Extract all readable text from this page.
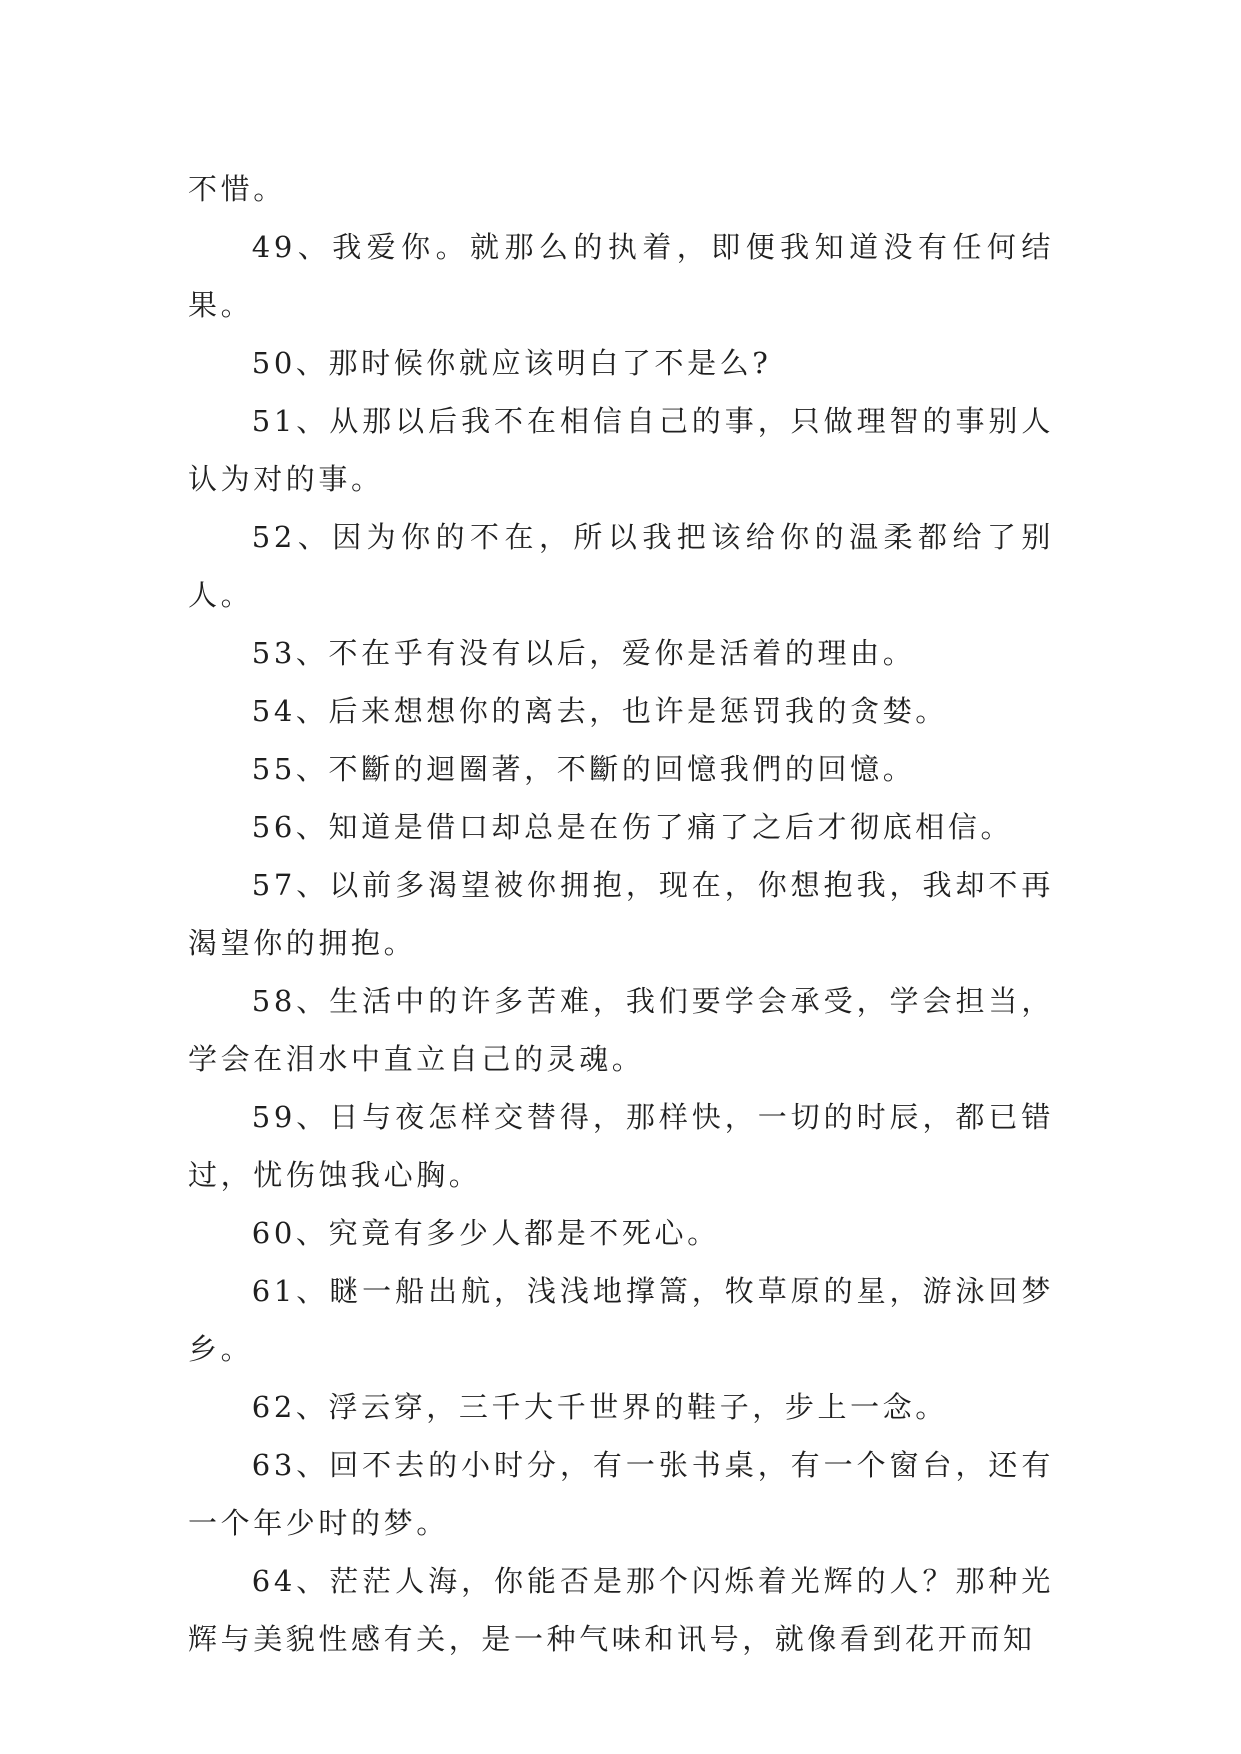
不惜。

49、我爱你。就那么的执着，即便我知道没有任何结果。

50、那时候你就应该明白了不是么?

51、从那以后我不在相信自己的事，只做理智的事别人认为对的事。

52、因为你的不在，所以我把该给你的温柔都给了别人。

53、不在乎有没有以后，爱你是活着的理由。

54、后来想想你的离去，也许是惩罚我的贪婪。

55、不斷的迴圈著，不斷的回憶我們的回憶。

56、知道是借口却总是在伤了痛了之后才彻底相信。

57、以前多渴望被你拥抱，现在，你想抱我，我却不再渴望你的拥抱。

58、生活中的许多苦难，我们要学会承受，学会担当，学会在泪水中直立自己的灵魂。

59、日与夜怎样交替得，那样快，一切的时辰，都已错过，忧伤蚀我心胸。

60、究竟有多少人都是不死心。

61、瞇一船出航，浅浅地撑篙，牧草原的星，游泳回梦乡。

62、浮云穿，三千大千世界的鞋子，步上一念。

63、回不去的小时分，有一张书桌，有一个窗台，还有一个年少时的梦。

64、茫茫人海，你能否是那个闪烁着光辉的人？那种光辉与美貌性感有关，是一种气味和讯号，就像看到花开而知
